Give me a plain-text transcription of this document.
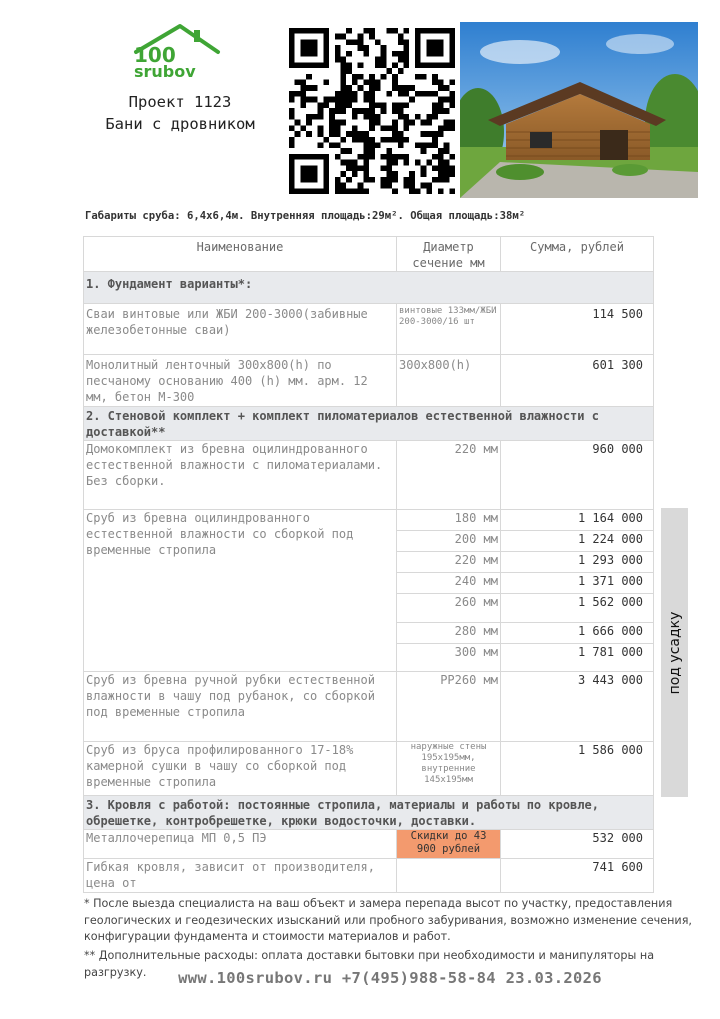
100
srubov
Проект 1123
Бани с дровником
Габариты сруба: 6,4х6,4м. Внутренняя площадь:29м². Общая площадь:38м²
Наименование	Диаметр сечение мм	Сумма, рублей
1. Фундамент варианты*:		
Сваи винтовые или ЖБИ 200-3000(забивные железобетонные сваи)	винтовые 133мм/ЖБИ 200-3000/16 шт	114 500
Монолитный ленточный 300х800(h) по песчаному основанию 400 (h) мм. арм. 12 мм, бетон М-300	300х800(h)	601 300
2. Стеновой комплект + комплект пиломатериалов естественной влажности с доставкой**		
Домокомплект из бревна оцилиндрованного естественной влажности с пиломатериалами. Без сборки.	220 мм	960 000
Сруб из бревна оцилиндрованного естественной влажности со сборкой под временные стропила	180 мм	1 164 000
	200 мм	1 224 000
	220 мм	1 293 000
	240 мм	1 371 000
	260 мм	1 562 000
	280 мм	1 666 000
	300 мм	1 781 000
Сруб из бревна ручной рубки естественной влажности в чашу под рубанок, со сборкой под временные стропила	РР260 мм	3 443 000
Сруб из бруса профилированного 17-18% камерной сушки в чашу со сборкой под временные стропила	наружные стены 195х195мм, внутренние 145х195мм	1 586 000
3. Кровля с работой: постоянные стропила, материалы и работы по кровле, обрешетке, контробрешетке, крюки водосточки, доставки.		
Металлочерепица МП 0,5 ПЭ	Скидки до 43 900 рублей	532 000
Гибкая кровля, зависит от производителя, цена от		741 600
под усадку
* После выезда специалиста на ваш объект и замера перепада высот по участку, предоставления геологических и геодезических изысканий или пробного забуривания, возможно изменение сечения, конфигурации фундамента и стоимости материалов и работ.
** Дополнительные расходы: оплата доставки бытовки при необходимости и манипуляторы на разгрузку.	www.100srubov.ru +7(495)988-58-84 23.03.2026
